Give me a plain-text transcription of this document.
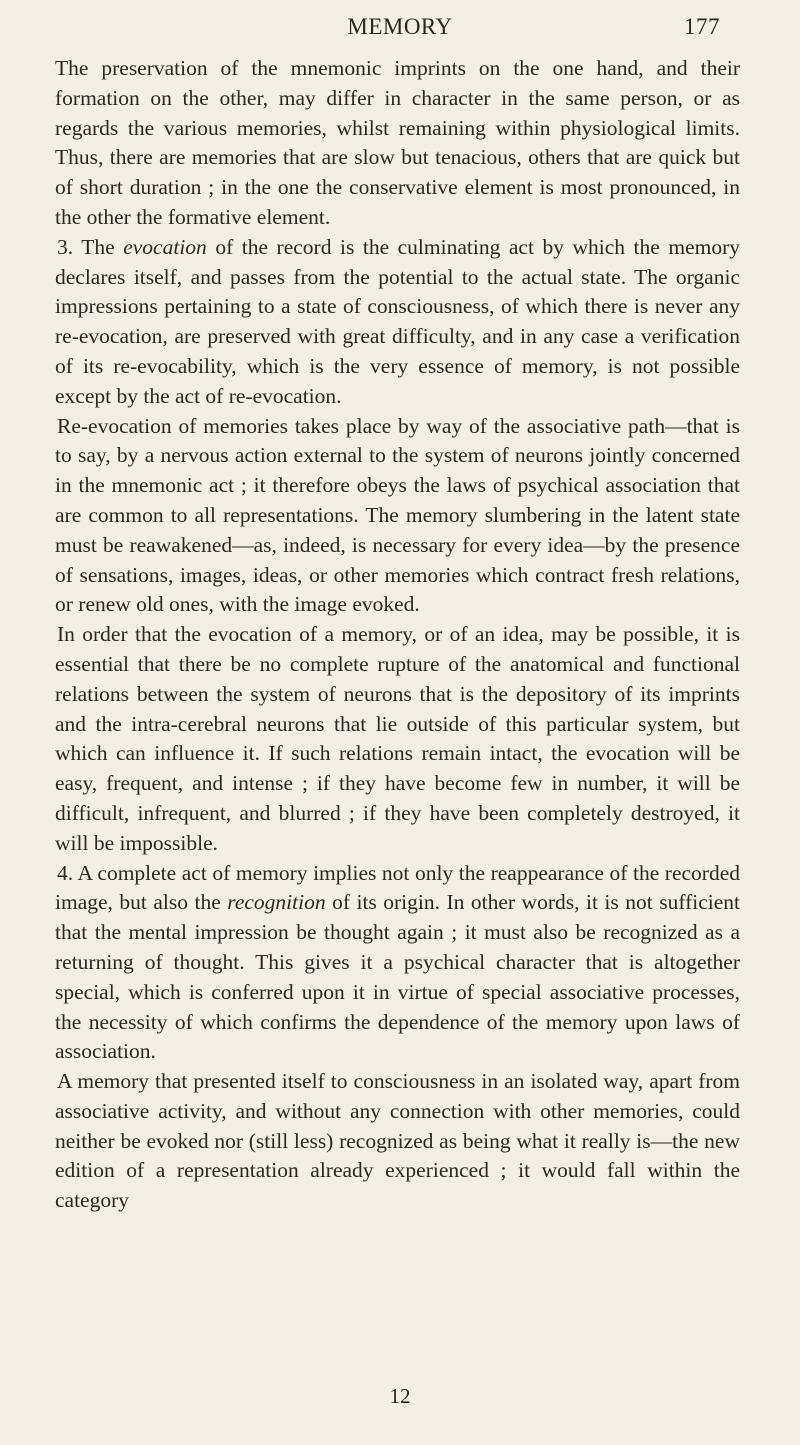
MEMORY	177

The preservation of the mnemonic imprints on the one hand, and their formation on the other, may differ in character in the same person, or as regards the various memories, whilst remaining within physiological limits. Thus, there are memories that are slow but tenacious, others that are quick but of short duration ; in the one the conservative element is most pronounced, in the other the formative element.

3. The evocation of the record is the culminating act by which the memory declares itself, and passes from the potential to the actual state. The organic impressions pertaining to a state of consciousness, of which there is never any re-evocation, are preserved with great difficulty, and in any case a verification of its re-evocability, which is the very essence of memory, is not possible except by the act of re-evocation.

Re-evocation of memories takes place by way of the associative path—that is to say, by a nervous action external to the system of neurons jointly concerned in the mnemonic act ; it therefore obeys the laws of psychical association that are common to all representations. The memory slumbering in the latent state must be reawakened—as, indeed, is necessary for every idea—by the presence of sensations, images, ideas, or other memories which contract fresh relations, or renew old ones, with the image evoked.

In order that the evocation of a memory, or of an idea, may be possible, it is essential that there be no complete rupture of the anatomical and functional relations between the system of neurons that is the depository of its imprints and the intra-cerebral neurons that lie outside of this particular system, but which can influence it. If such relations remain intact, the evocation will be easy, frequent, and intense ; if they have become few in number, it will be difficult, infrequent, and blurred ; if they have been completely destroyed, it will be impossible.

4. A complete act of memory implies not only the reappearance of the recorded image, but also the recognition of its origin. In other words, it is not sufficient that the mental impression be thought again ; it must also be recognized as a returning of thought. This gives it a psychical character that is altogether special, which is conferred upon it in virtue of special associative processes, the necessity of which confirms the dependence of the memory upon laws of association.

A memory that presented itself to consciousness in an isolated way, apart from associative activity, and without any connection with other memories, could neither be evoked nor (still less) recognized as being what it really is—the new edition of a representation already experienced ; it would fall within the category

12
